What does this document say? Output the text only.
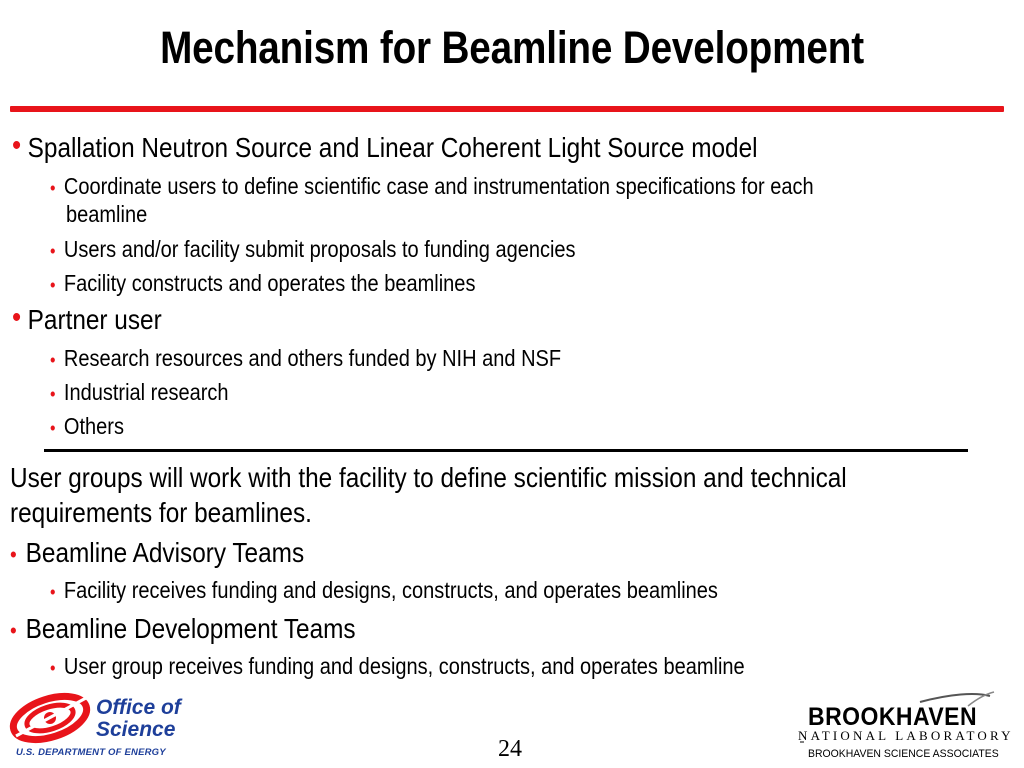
Mechanism for Beamline Development
• Spallation Neutron Source and Linear Coherent Light Source model
• Coordinate users to define scientific case and instrumentation specifications for each
beamline
• Users and/or facility submit proposals to funding agencies
• Facility constructs and operates the beamlines
• Partner user
• Research resources and others funded by NIH and NSF
• Industrial research
• Others
User groups will work with the facility to define scientific mission and technical
requirements for beamlines.
• Beamline Advisory Teams
• Facility receives funding and designs, constructs, and operates beamlines
• Beamline Development Teams
• User group receives funding and designs, constructs, and operates beamline
Office of
Science
U.S. DEPARTMENT OF ENERGY	24
BROOKHAVEN
NATIONAL LABORATORY
BROOKHAVEN SCIENCE ASSOCIATES
